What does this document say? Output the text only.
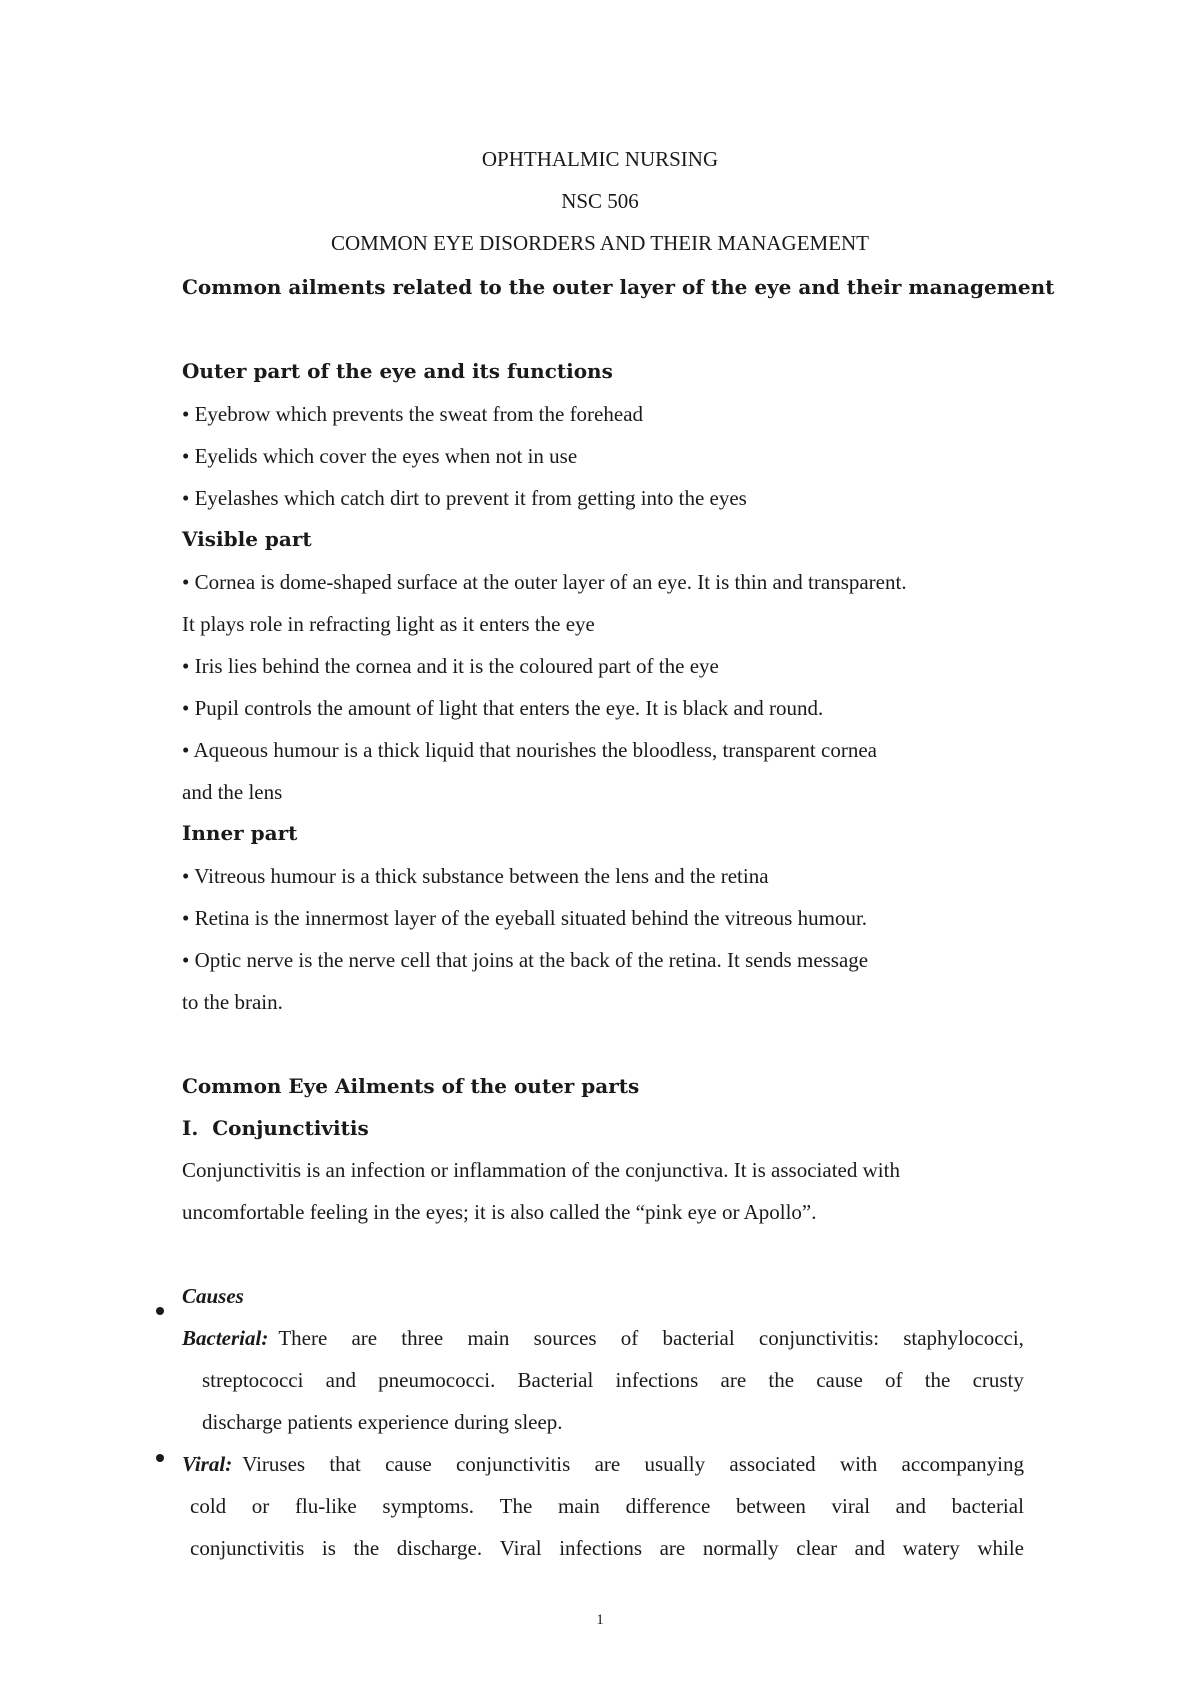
OPHTHALMIC NURSING
NSC 506
COMMON EYE DISORDERS AND THEIR MANAGEMENT
Common ailments related to the outer layer of the eye and their management
Outer part of the eye and its functions
• Eyebrow which prevents the sweat from the forehead
• Eyelids which cover the eyes when not in use
• Eyelashes which catch dirt to prevent it from getting into the eyes
Visible part
• Cornea is dome-shaped surface at the outer layer of an eye. It is thin and transparent.
It plays role in refracting light as it enters the eye
• Iris lies behind the cornea and it is the coloured part of the eye
• Pupil controls the amount of light that enters the eye. It is black and round.
• Aqueous humour is a thick liquid that nourishes the bloodless, transparent cornea
and the lens
Inner part
• Vitreous humour is a thick substance between the lens and the retina
• Retina is the innermost layer of the eyeball situated behind the vitreous humour.
• Optic nerve is the nerve cell that joins at the back of the retina. It sends message
to the brain.
Common Eye Ailments of the outer parts
I. Conjunctivitis
Conjunctivitis is an infection or inflammation of the conjunctiva. It is associated with
uncomfortable feeling in the eyes; it is also called the “pink eye or Apollo”.
Causes
Bacterial: There are three main sources of bacterial conjunctivitis: staphylococci,
streptococci and pneumococci. Bacterial infections are the cause of the crusty
discharge patients experience during sleep.
Viral: Viruses that cause conjunctivitis are usually associated with accompanying
cold or flu-like symptoms. The main difference between viral and bacterial
conjunctivitis is the discharge. Viral infections are normally clear and watery while
1
